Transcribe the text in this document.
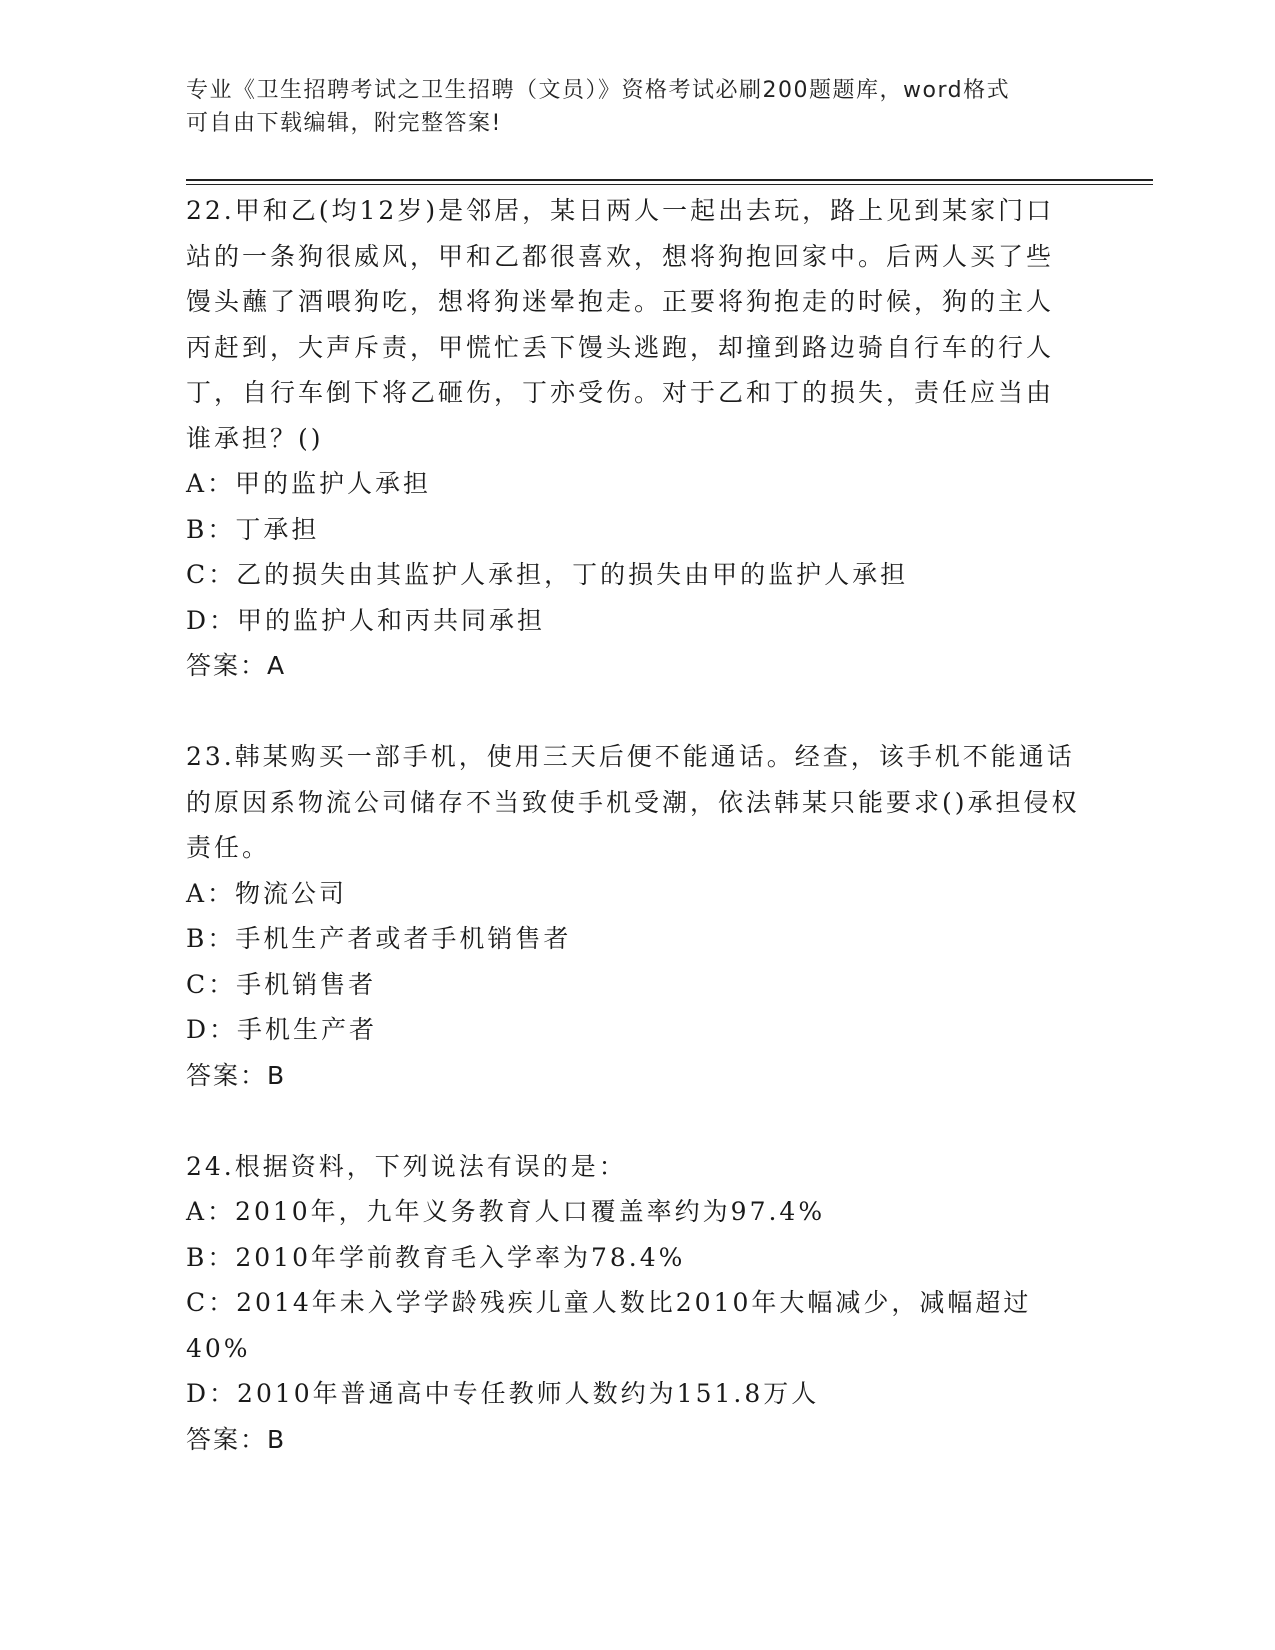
专业《卫生招聘考试之卫生招聘（文员）》资格考试必刷200题题库，word格式
可自由下载编辑，附完整答案!

22.甲和乙(均12岁)是邻居，某日两人一起出去玩，路上见到某家门口站的一条狗很威风，甲和乙都很喜欢，想将狗抱回家中。后两人买了些馒头蘸了酒喂狗吃，想将狗迷晕抱走。正要将狗抱走的时候，狗的主人丙赶到，大声斥责，甲慌忙丢下馒头逃跑，却撞到路边骑自行车的行人丁，自行车倒下将乙砸伤，丁亦受伤。对于乙和丁的损失，责任应当由谁承担？()

A：甲的监护人承担

B：丁承担

C：乙的损失由其监护人承担，丁的损失由甲的监护人承担

D：甲的监护人和丙共同承担

答案：A

23.韩某购买一部手机，使用三天后便不能通话。经查，该手机不能通话的原因系物流公司储存不当致使手机受潮，依法韩某只能要求()承担侵权责任。

A：物流公司

B：手机生产者或者手机销售者

C：手机销售者

D：手机生产者

答案：B

24.根据资料，下列说法有误的是：

A：2010年，九年义务教育人口覆盖率约为97.4%

B：2010年学前教育毛入学率为78.4%

C：2014年未入学学龄残疾儿童人数比2010年大幅减少，减幅超过40%

D：2010年普通高中专任教师人数约为151.8万人

答案：B
